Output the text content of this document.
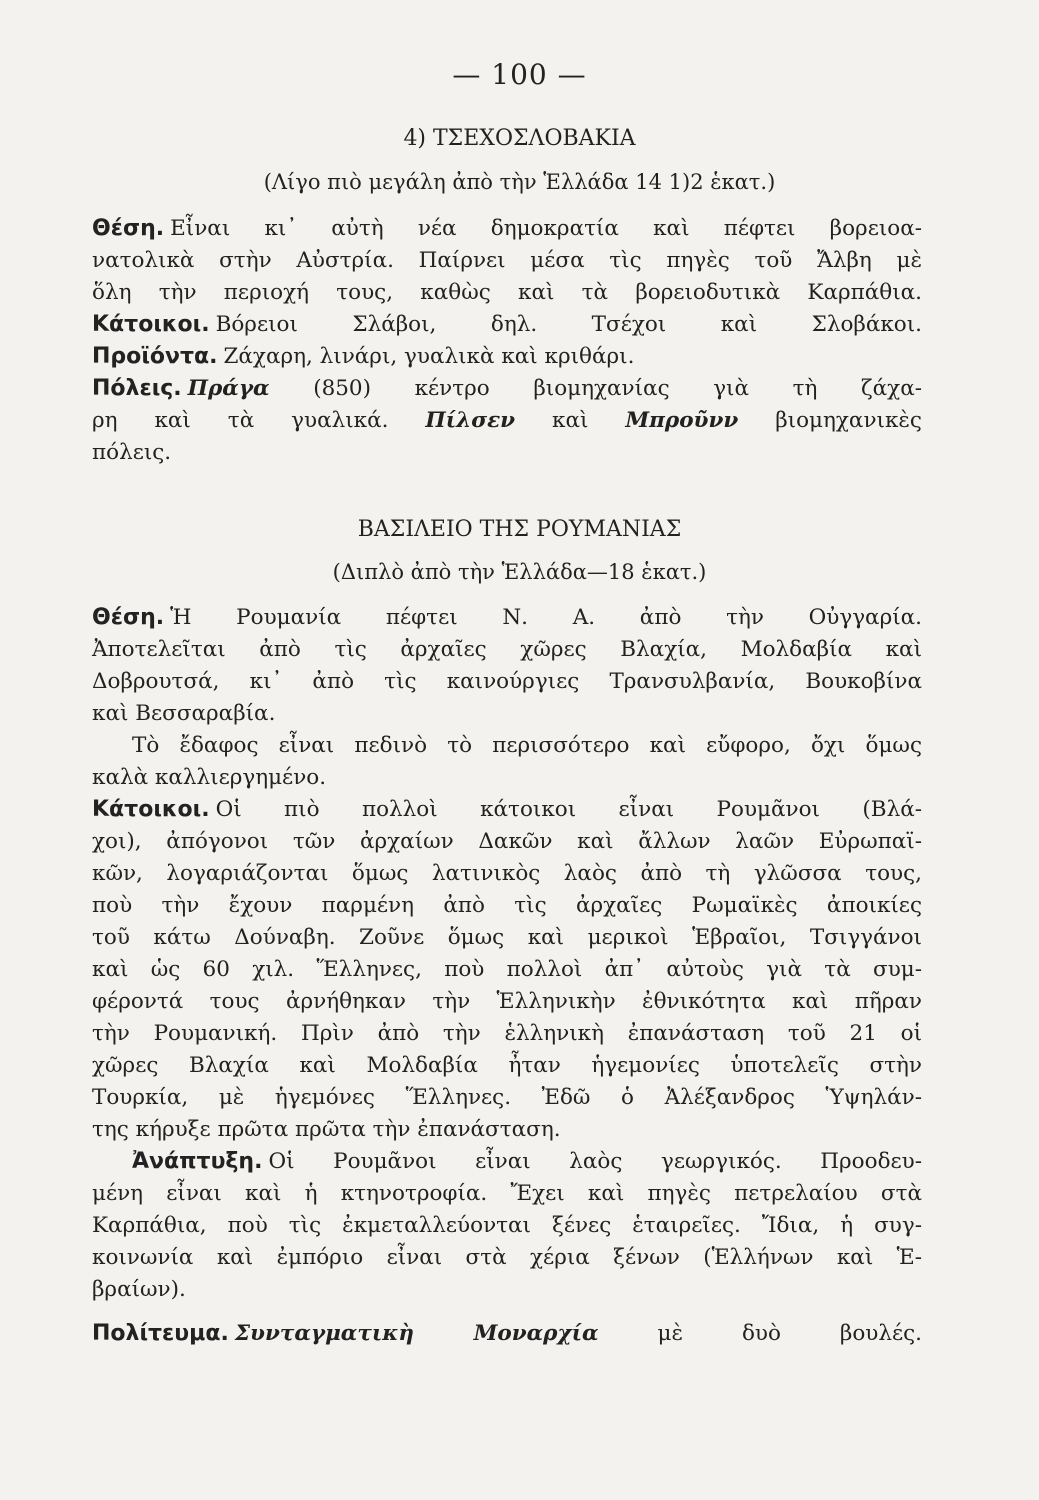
— 100 —
4) ΤΣΕΧΟΣΛΟΒΑΚΙΑ
(Λίγο πιὸ μεγάλη ἀπὸ τὴν Ἑλλάδα 14 1)2 ἑκατ.)
Θέση. Εἶναι κι᾽ αὐτὴ νέα δημοκρατία καὶ πέφτει βορειοα-
νατολικὰ στὴν Αὐστρία. Παίρνει μέσα τὶς πηγὲς τοῦ Ἄλβη μὲ
ὅλη τὴν περιοχή τους, καθὼς καὶ τὰ βορειοδυτικὰ Καρπάθια.
Κάτοικοι. Βόρειοι Σλάβοι, δηλ. Τσέχοι καὶ Σλοβάκοι.
Προϊόντα. Ζάχαρη, λινάρι, γυαλικὰ καὶ κριθάρι.
Πόλεις. Πράγα (850) κέντρο βιομηχανίας γιὰ τὴ ζάχα-
ρη καὶ τὰ γυαλικά. Πίλσεν καὶ Μπρoῦνν βιομηχανικὲς
πόλεις.
ΒΑΣΙΛΕΙΟ ΤΗΣ ΡΟΥΜΑΝΙΑΣ
(Διπλὸ ἀπὸ τὴν Ἑλλάδα—18 ἑκατ.)
Θέση. Ἡ Ρουμανία πέφτει Ν. Α. ἀπὸ τὴν Οὐγγαρία.
Ἀποτελεῖται ἀπὸ τὶς ἀρχαῖες χῶρες Βλαχία, Μολδαβία καὶ
Δοβρουτσά, κι᾽ ἀπὸ τὶς καινούργιες Τρανσυλβανία, Βουκοβίνα
καὶ Βεσσαραβία.
Τὸ ἔδαφος εἶναι πεδινὸ τὸ περισσότερο καὶ εὔφορο, ὄχι ὅμως
καλὰ καλλιεργημένο.
Κάτοικοι. Οἱ πιὸ πολλοὶ κάτοικοι εἶναι Ρουμᾶνοι (Βλά-
χοι), ἀπόγονοι τῶν ἀρχαίων Δακῶν καὶ ἄλλων λαῶν Εὐρωπαϊ-
κῶν, λογαριάζονται ὅμως λατινικὸς λαὸς ἀπὸ τὴ γλῶσσα τους,
ποὺ τὴν ἔχουν παρμένη ἀπὸ τὶς ἀρχαῖες Ρωμαϊκὲς ἀποικίες
τοῦ κάτω Δούναβη. Ζοῦνε ὅμως καὶ μερικοὶ Ἑβραῖοι, Τσιγγάνοι
καὶ ὡς 60 χιλ. Ἕλληνες, ποὺ πολλοὶ ἀπ᾽ αὐτοὺς γιὰ τὰ συμ-
φέροντά τους ἀρνήθηκαν τὴν Ἑλληνικὴν ἐθνικότητα καὶ πῆραν
τὴν Ρουμανική. Πρὶν ἀπὸ τὴν ἑλληνικὴ ἐπανάσταση τοῦ 21 οἱ
χῶρες Βλαχία καὶ Μολδαβία ἦταν ἡγεμονίες ὑποτελεῖς στὴν
Τουρκία, μὲ ἡγεμόνες Ἕλληνες. Ἐδῶ ὁ Ἀλέξανδρος Ὑψηλάν-
της κήρυξε πρῶτα πρῶτα τὴν ἐπανάσταση.
Ἀνάπτυξη. Οἱ Ρουμᾶνοι εἶναι λαὸς γεωργικός. Προοδευ-
μένη εἶναι καὶ ἡ κτηνοτροφία. Ἔχει καὶ πηγὲς πετρελαίου στὰ
Καρπάθια, ποὺ τὶς ἐκμεταλλεύονται ξένες ἑταιρεῖες. Ἴδια, ἡ συγ-
κοινωνία καὶ ἐμπόριο εἶναι στὰ χέρια ξένων (Ἑλλήνων καὶ Ἑ-
βραίων).
Πολίτευμα. Συνταγματικὴ Μοναρχία	μὲ δυὸ βουλές.
